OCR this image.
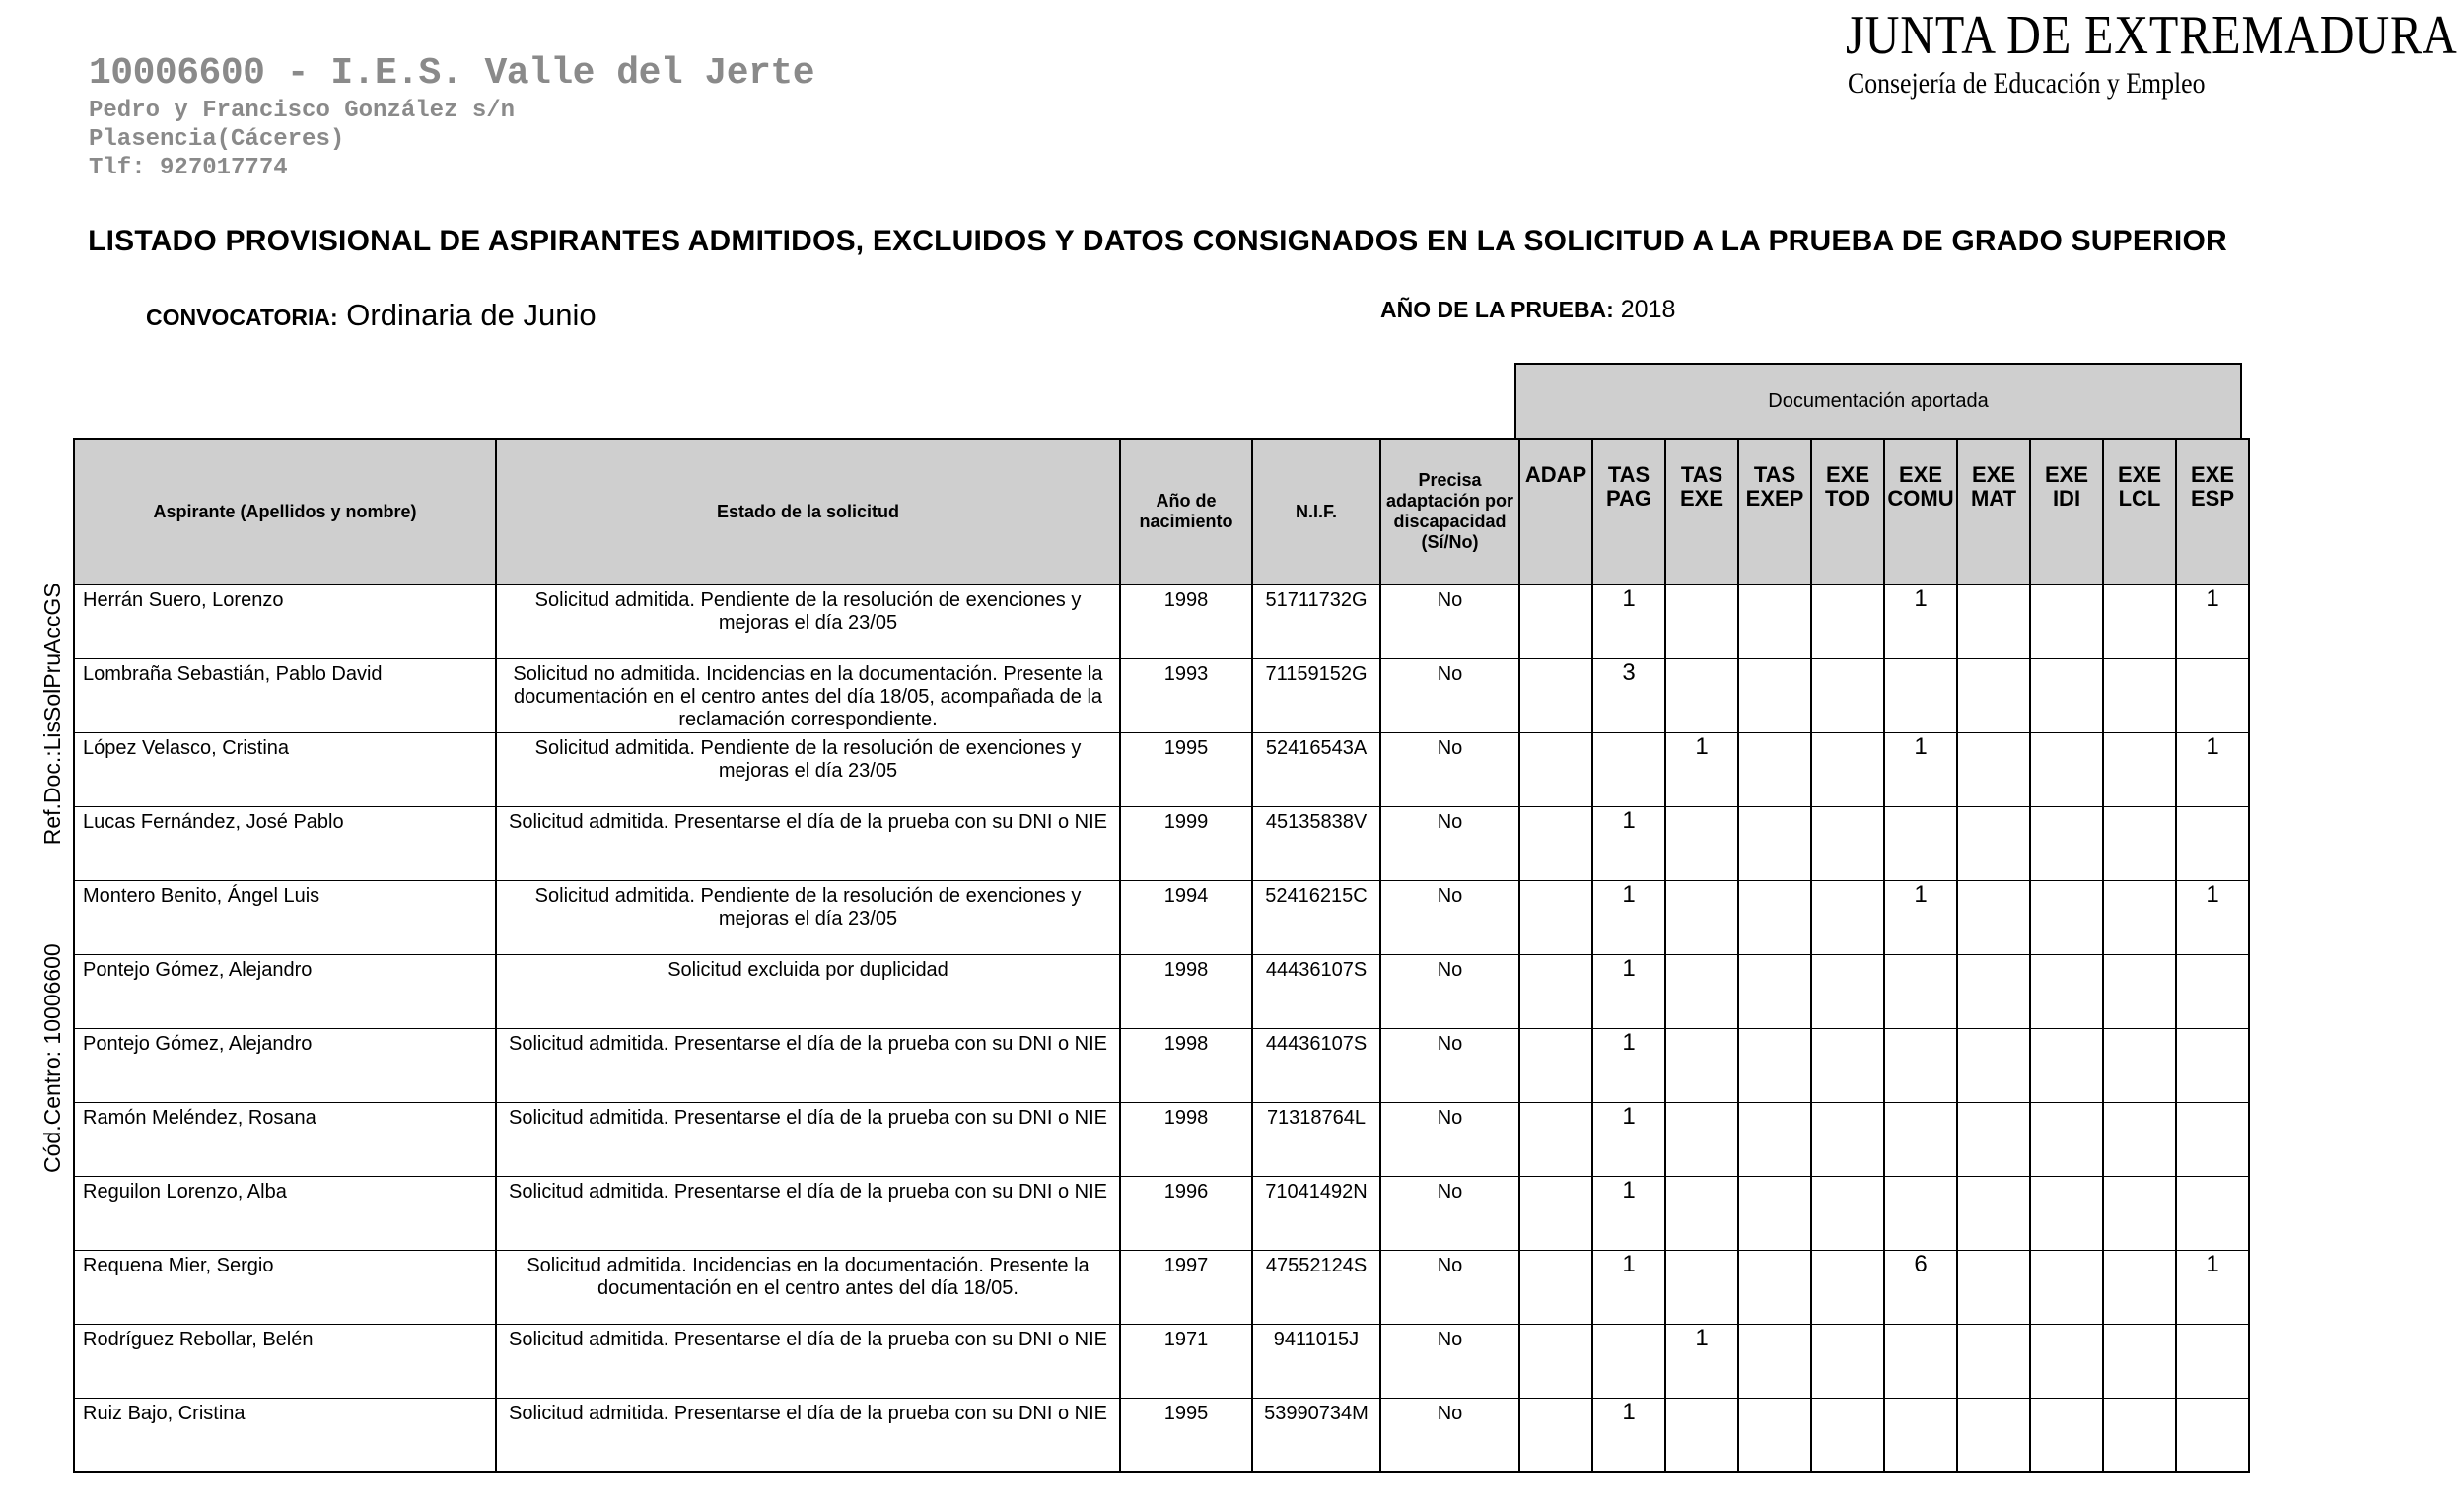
10006600 - I.E.S. Valle del Jerte
Pedro y Francisco González s/n
Plasencia(Cáceres)
Tlf: 927017774
JUNTA DE EXTREMADURA
Consejería de Educación y Empleo
LISTADO PROVISIONAL DE ASPIRANTES ADMITIDOS, EXCLUIDOS Y DATOS CONSIGNADOS EN LA SOLICITUD A LA PRUEBA DE GRADO SUPERIOR
CONVOCATORIA: Ordinaria de Junio	AÑO DE LA PRUEBA: 2018
Cód.Centro: 10006600Ref.Doc.:LisSolPruAccGS
Documentación aportada
Aspirante (Apellidos y nombre)	Estado de la solicitud	Año de nacimiento	N.I.F.	Precisa adaptación por discapacidad (Sí/No)	ADAP	TAS PAG	TAS EXE	TAS EXEP	EXE TOD	EXE COMU	EXE MAT	EXE IDI	EXE LCL	EXE ESP
Herrán Suero, Lorenzo	Solicitud admitida. Pendiente de la resolución de exenciones y mejoras el día 23/05	1998	51711732G	No		1				1				1
Lombraña Sebastián, Pablo David	Solicitud no admitida. Incidencias en la documentación. Presente la documentación en el centro antes del día 18/05, acompañada de la reclamación correspondiente.	1993	71159152G	No		3								
López Velasco, Cristina	Solicitud admitida. Pendiente de la resolución de exenciones y mejoras el día 23/05	1995	52416543A	No			1			1				1
Lucas Fernández, José Pablo	Solicitud admitida. Presentarse el día de la prueba con su DNI o NIE	1999	45135838V	No		1								
Montero Benito, Ángel Luis	Solicitud admitida. Pendiente de la resolución de exenciones y mejoras el día 23/05	1994	52416215C	No		1				1				1
Pontejo Gómez, Alejandro	Solicitud excluida por duplicidad	1998	44436107S	No		1								
Pontejo Gómez, Alejandro	Solicitud admitida. Presentarse el día de la prueba con su DNI o NIE	1998	44436107S	No		1								
Ramón Meléndez, Rosana	Solicitud admitida. Presentarse el día de la prueba con su DNI o NIE	1998	71318764L	No		1								
Reguilon Lorenzo, Alba	Solicitud admitida. Presentarse el día de la prueba con su DNI o NIE	1996	71041492N	No		1								
Requena Mier, Sergio	Solicitud admitida. Incidencias en la documentación. Presente la documentación en el centro antes del día 18/05.	1997	47552124S	No		1				6				1
Rodríguez Rebollar, Belén	Solicitud admitida. Presentarse el día de la prueba con su DNI o NIE	1971	9411015J	No			1							
Ruiz Bajo, Cristina	Solicitud admitida. Presentarse el día de la prueba con su DNI o NIE	1995	53990734M	No		1								
